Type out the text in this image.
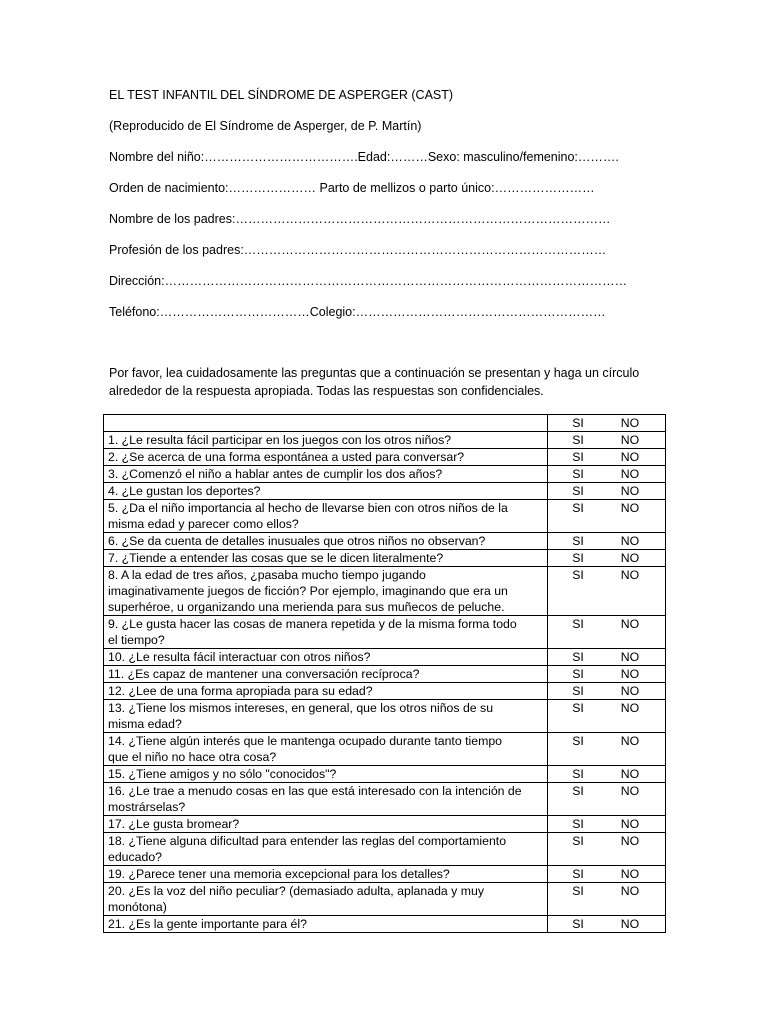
EL TEST INFANTIL DEL SÍNDROME DE ASPERGER (CAST)
(Reproducido de El Síndrome de Asperger, de P. Martín)
Nombre del niño:……………………………….Edad:………Sexo: masculino/femenino:……….
Orden de nacimiento:………………… Parto de mellizos o parto único:……………………
Nombre de los padres:………………………………………………………………………………
Profesión de los padres:……………………………………………………………………………
Dirección:…………………………………………………………………………………………………
Teléfono:………………………………Colegio:……………………………………………………
Por favor, lea cuidadosamente las preguntas que a continuación se presentan y haga un círculo
alrededor de la respuesta apropiada. Todas las respuestas son confidenciales.
	SI NO

1. ¿Le resulta fácil participar en los juegos con los otros niños?	SI NO

2. ¿Se acerca de una forma espontánea a usted para conversar?	SI NO

3. ¿Comenzó el niño a hablar antes de cumplir los dos años?	SI NO

4. ¿Le gustan los deportes?	SI NO

5. ¿Da el niño importancia al hecho de llevarse bien con otros niños de la
misma edad y parecer como ellos?	SI NO

6. ¿Se da cuenta de detalles inusuales que otros niños no observan?	SI NO

7. ¿Tiende a entender las cosas que se le dicen literalmente?	SI NO

8. A la edad de tres años, ¿pasaba mucho tiempo jugando
imaginativamente juegos de ficción? Por ejemplo, imaginando que era un
superhéroe, u organizando una merienda para sus muñecos de peluche.	SI NO

9. ¿Le gusta hacer las cosas de manera repetida y de la misma forma todo
el tiempo?	SI NO

10. ¿Le resulta fácil interactuar con otros niños?	SI NO

11. ¿Es capaz de mantener una conversación recíproca?	SI NO

12. ¿Lee de una forma apropiada para su edad?	SI NO

13. ¿Tiene los mismos intereses, en general, que los otros niños de su
misma edad?	SI NO

14. ¿Tiene algún interés que le mantenga ocupado durante tanto tiempo
que el niño no hace otra cosa?	SI NO

15. ¿Tiene amigos y no sólo "conocidos"?	SI NO

16. ¿Le trae a menudo cosas en las que está interesado con la intención de
mostrárselas?	SI NO

17. ¿Le gusta bromear?	SI NO

18. ¿Tiene alguna dificultad para entender las reglas del comportamiento
educado?	SI NO

19. ¿Parece tener una memoria excepcional para los detalles?	SI NO

20. ¿Es la voz del niño peculiar? (demasiado adulta, aplanada y muy
monótona)	SI NO

21. ¿Es la gente importante para él?	SI NO
